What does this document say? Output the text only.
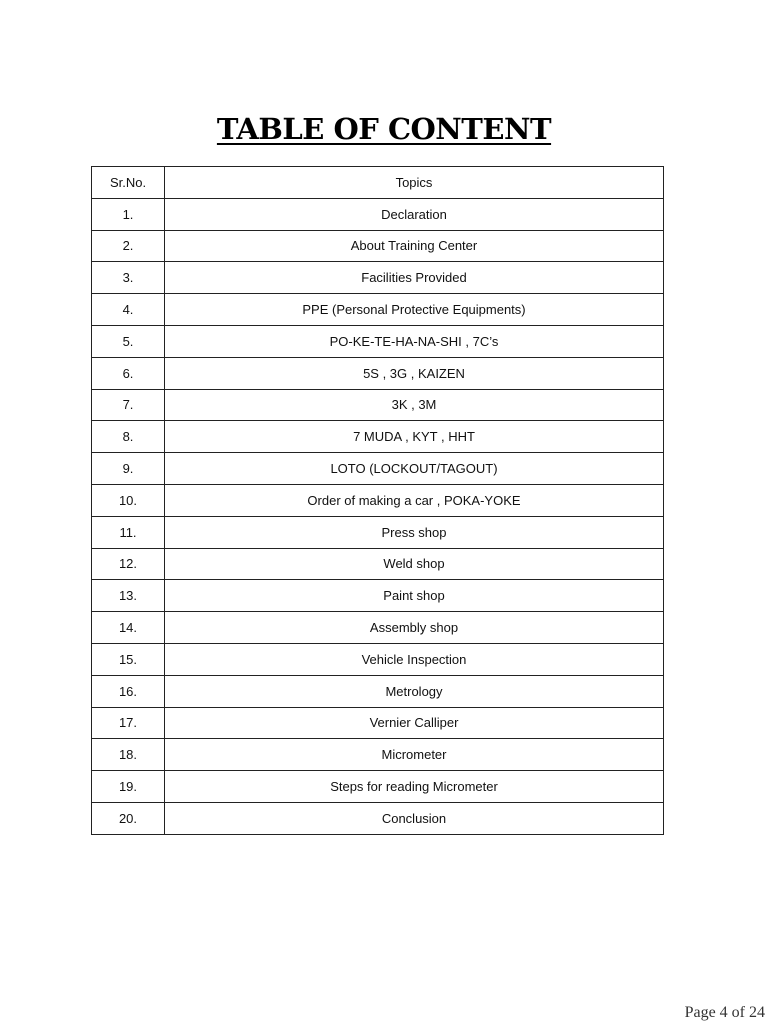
TABLE OF CONTENT
Sr.No.	Topics
1.	Declaration
2.	About Training Center
3.	Facilities Provided
4.	PPE (Personal Protective Equipments)
5.	PO-KE-TE-HA-NA-SHI , 7C’s
6.	5S , 3G , KAIZEN
7.	3K , 3M
8.	7 MUDA , KYT , HHT
9.	LOTO (LOCKOUT/TAGOUT)
10.	Order of making a car , POKA-YOKE
11.	Press shop
12.	Weld shop
13.	Paint shop
14.	Assembly shop
15.	Vehicle Inspection
16.	Metrology
17.	Vernier Calliper
18.	Micrometer
19.	Steps for reading Micrometer
20.	Conclusion
Page 4 of 24
